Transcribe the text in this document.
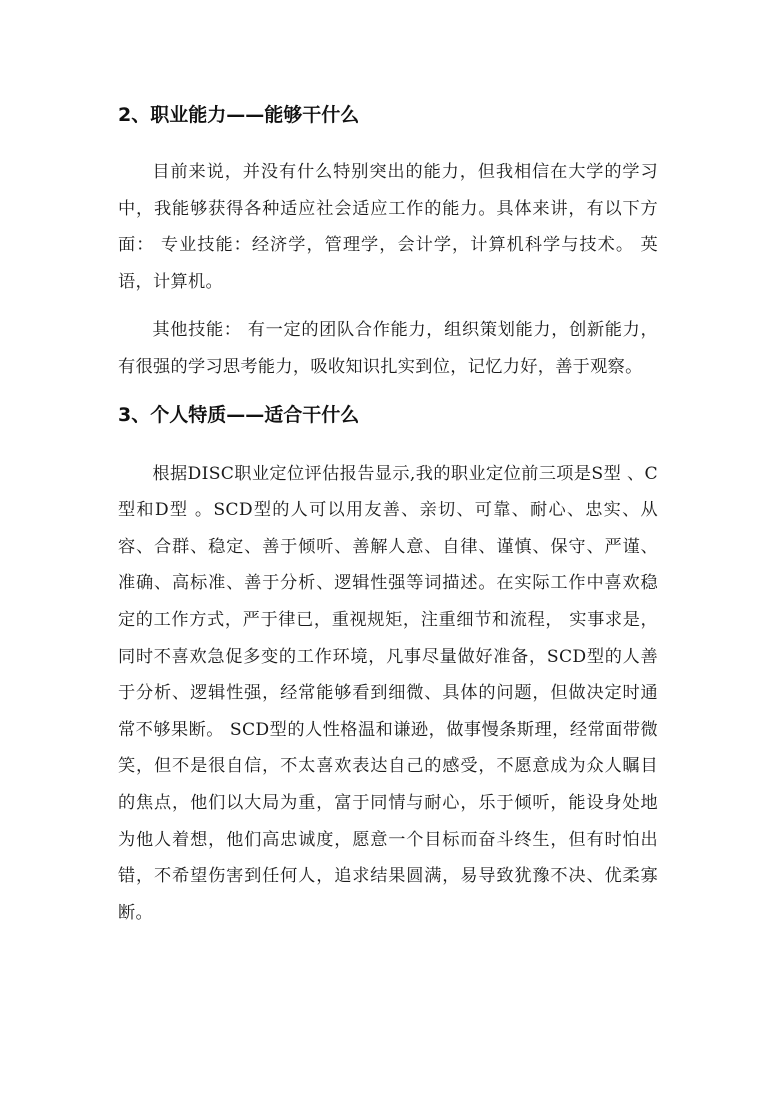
2、职业能力——能够干什么

目前来说，并没有什么特别突出的能力，但我相信在大学的学习中，我能够获得各种适应社会适应工作的能力。具体来讲，有以下方面： 专业技能：经济学，管理学，会计学，计算机科学与技术。 英语，计算机。

其他技能： 有一定的团队合作能力，组织策划能力，创新能力，有很强的学习思考能力，吸收知识扎实到位，记忆力好，善于观察。

3、个人特质——适合干什么

根据DISC职业定位评估报告显示,我的职业定位前三项是S型 、C型和D型 。SCD型的人可以用友善、亲切、可靠、耐心、忠实、从容、合群、稳定、善于倾听、善解人意、自律、谨慎、保守、严谨、准确、高标准、善于分析、逻辑性强等词描述。在实际工作中喜欢稳定的工作方式，严于律已，重视规矩，注重细节和流程， 实事求是，同时不喜欢急促多变的工作环境，凡事尽量做好准备，SCD型的人善于分析、逻辑性强，经常能够看到细微、具体的问题，但做决定时通常不够果断。 SCD型的人性格温和谦逊，做事慢条斯理，经常面带微笑，但不是很自信，不太喜欢表达自己的感受，不愿意成为众人瞩目的焦点，他们以大局为重，富于同情与耐心，乐于倾听，能设身处地为他人着想，他们高忠诚度，愿意一个目标而奋斗终生，但有时怕出错，不希望伤害到任何人，追求结果圆满，易导致犹豫不决、优柔寡断。
